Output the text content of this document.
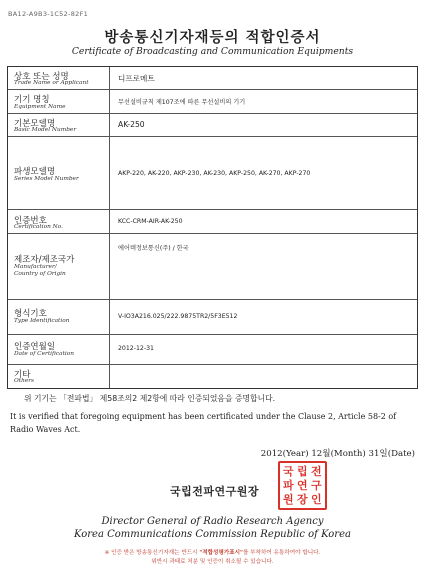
BA12-A9B3-1C52-82F1
방송통신기자재등의 적합인증서
Certificate of Broadcasting and Communication Equipments
상호 또는 성명
Trade Name or Applicant	디프로메트
기기 명칭
Equipment Name
무선설비규칙 제107조에 따른 무선설비의 기기
기본모델명
Basic Model Number
AK-250
파생모델명
Series Model Number
AKP-220, AK-220, AKP-230, AK-230, AKP-250, AK-270, AKP-270
인증번호
Certification No.
KCC-CRM-AIR-AK-250
제조자/제조국가
Manufacturer/
Country of Origin
에어텍정보통신(주) / 한국
형식기호
Type Identification
V-IO3A216.025/222.9875TR2/5F3E512
인증연월일
Date of Certification
2012-12-31
기타
Others
위 기기는 「전파법」 제58조의2 제2항에 따라 인증되었음을 증명합니다.
It is verified that foregoing equipment has been certificated under the Clause 2, Article 58-2 of Radio Waves Act.
2012(Year) 12월(Month) 31일(Date)
국립전파연구원장
국 립 전
파 연 구
원 장 인
Director General of Radio Research Agency
Korea Communications Commission Republic of Korea
※ 인증 받은 방송통신기자재는 반드시 "적합성평가표시"를 부착하여 유통하여야 합니다.
위반시 과태료 처분 및 인증이 취소될 수 있습니다.
